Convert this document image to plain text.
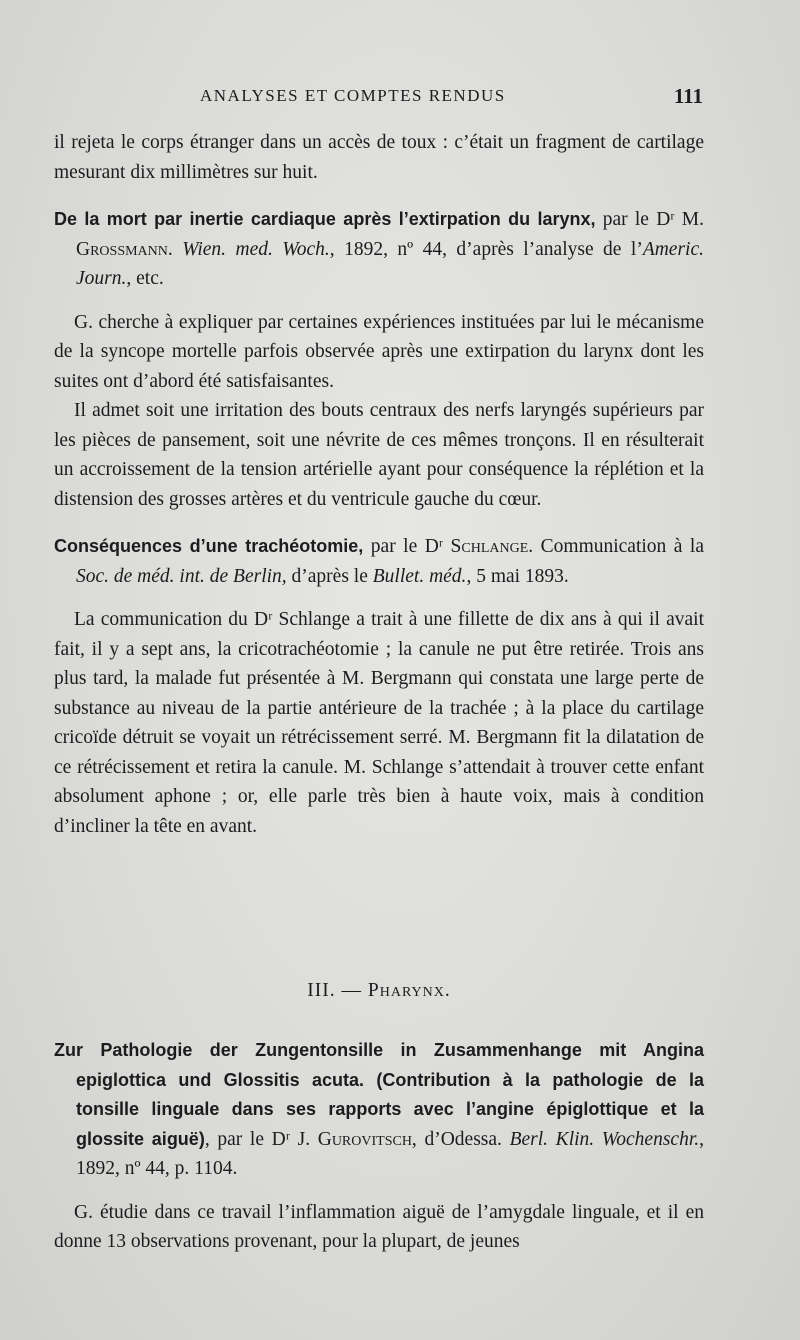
ANALYSES ET COMPTES RENDUS	111

il rejeta le corps étranger dans un accès de toux : c’était un fragment de cartilage mesurant dix millimètres sur huit.

De la mort par inertie cardiaque après l’extirpation du larynx, par le Dʳ M. Grossmann. Wien. med. Woch., 1892, nº 44, d’après l’analyse de l’Americ. Journ., etc.

G. cherche à expliquer par certaines expériences instituées par lui le mécanisme de la syncope mortelle parfois observée après une extirpation du larynx dont les suites ont d’abord été satisfaisantes.

Il admet soit une irritation des bouts centraux des nerfs laryngés supérieurs par les pièces de pansement, soit une névrite de ces mêmes tronçons. Il en résulterait un accroissement de la tension artérielle ayant pour conséquence la réplétion et la distension des grosses artères et du ventricule gauche du cœur.

Conséquences d’une trachéotomie, par le Dʳ Schlange. Communication à la Soc. de méd. int. de Berlin, d’après le Bullet. méd., 5 mai 1893.

La communication du Dʳ Schlange a trait à une fillette de dix ans à qui il avait fait, il y a sept ans, la cricotrachéotomie ; la canule ne put être retirée. Trois ans plus tard, la malade fut présentée à M. Bergmann qui constata une large perte de substance au niveau de la partie antérieure de la trachée ; à la place du cartilage cricoïde détruit se voyait un rétrécissement serré. M. Bergmann fit la dilatation de ce rétrécissement et retira la canule. M. Schlange s’attendait à trouver cette enfant absolument aphone ; or, elle parle très bien à haute voix, mais à condition d’incliner la tête en avant.

III. — Pharynx.

Zur Pathologie der Zungentonsille in Zusammenhange mit Angina epiglottica und Glossitis acuta. (Contribution à la pathologie de la tonsille linguale dans ses rapports avec l’angine épiglottique et la glossite aiguë), par le Dʳ J. Gurovitsch, d’Odessa. Berl. Klin. Wochenschr., 1892, nº 44, p. 1104.

G. étudie dans ce travail l’inflammation aiguë de l’amygdale linguale, et il en donne 13 observations provenant, pour la plupart, de jeunes
